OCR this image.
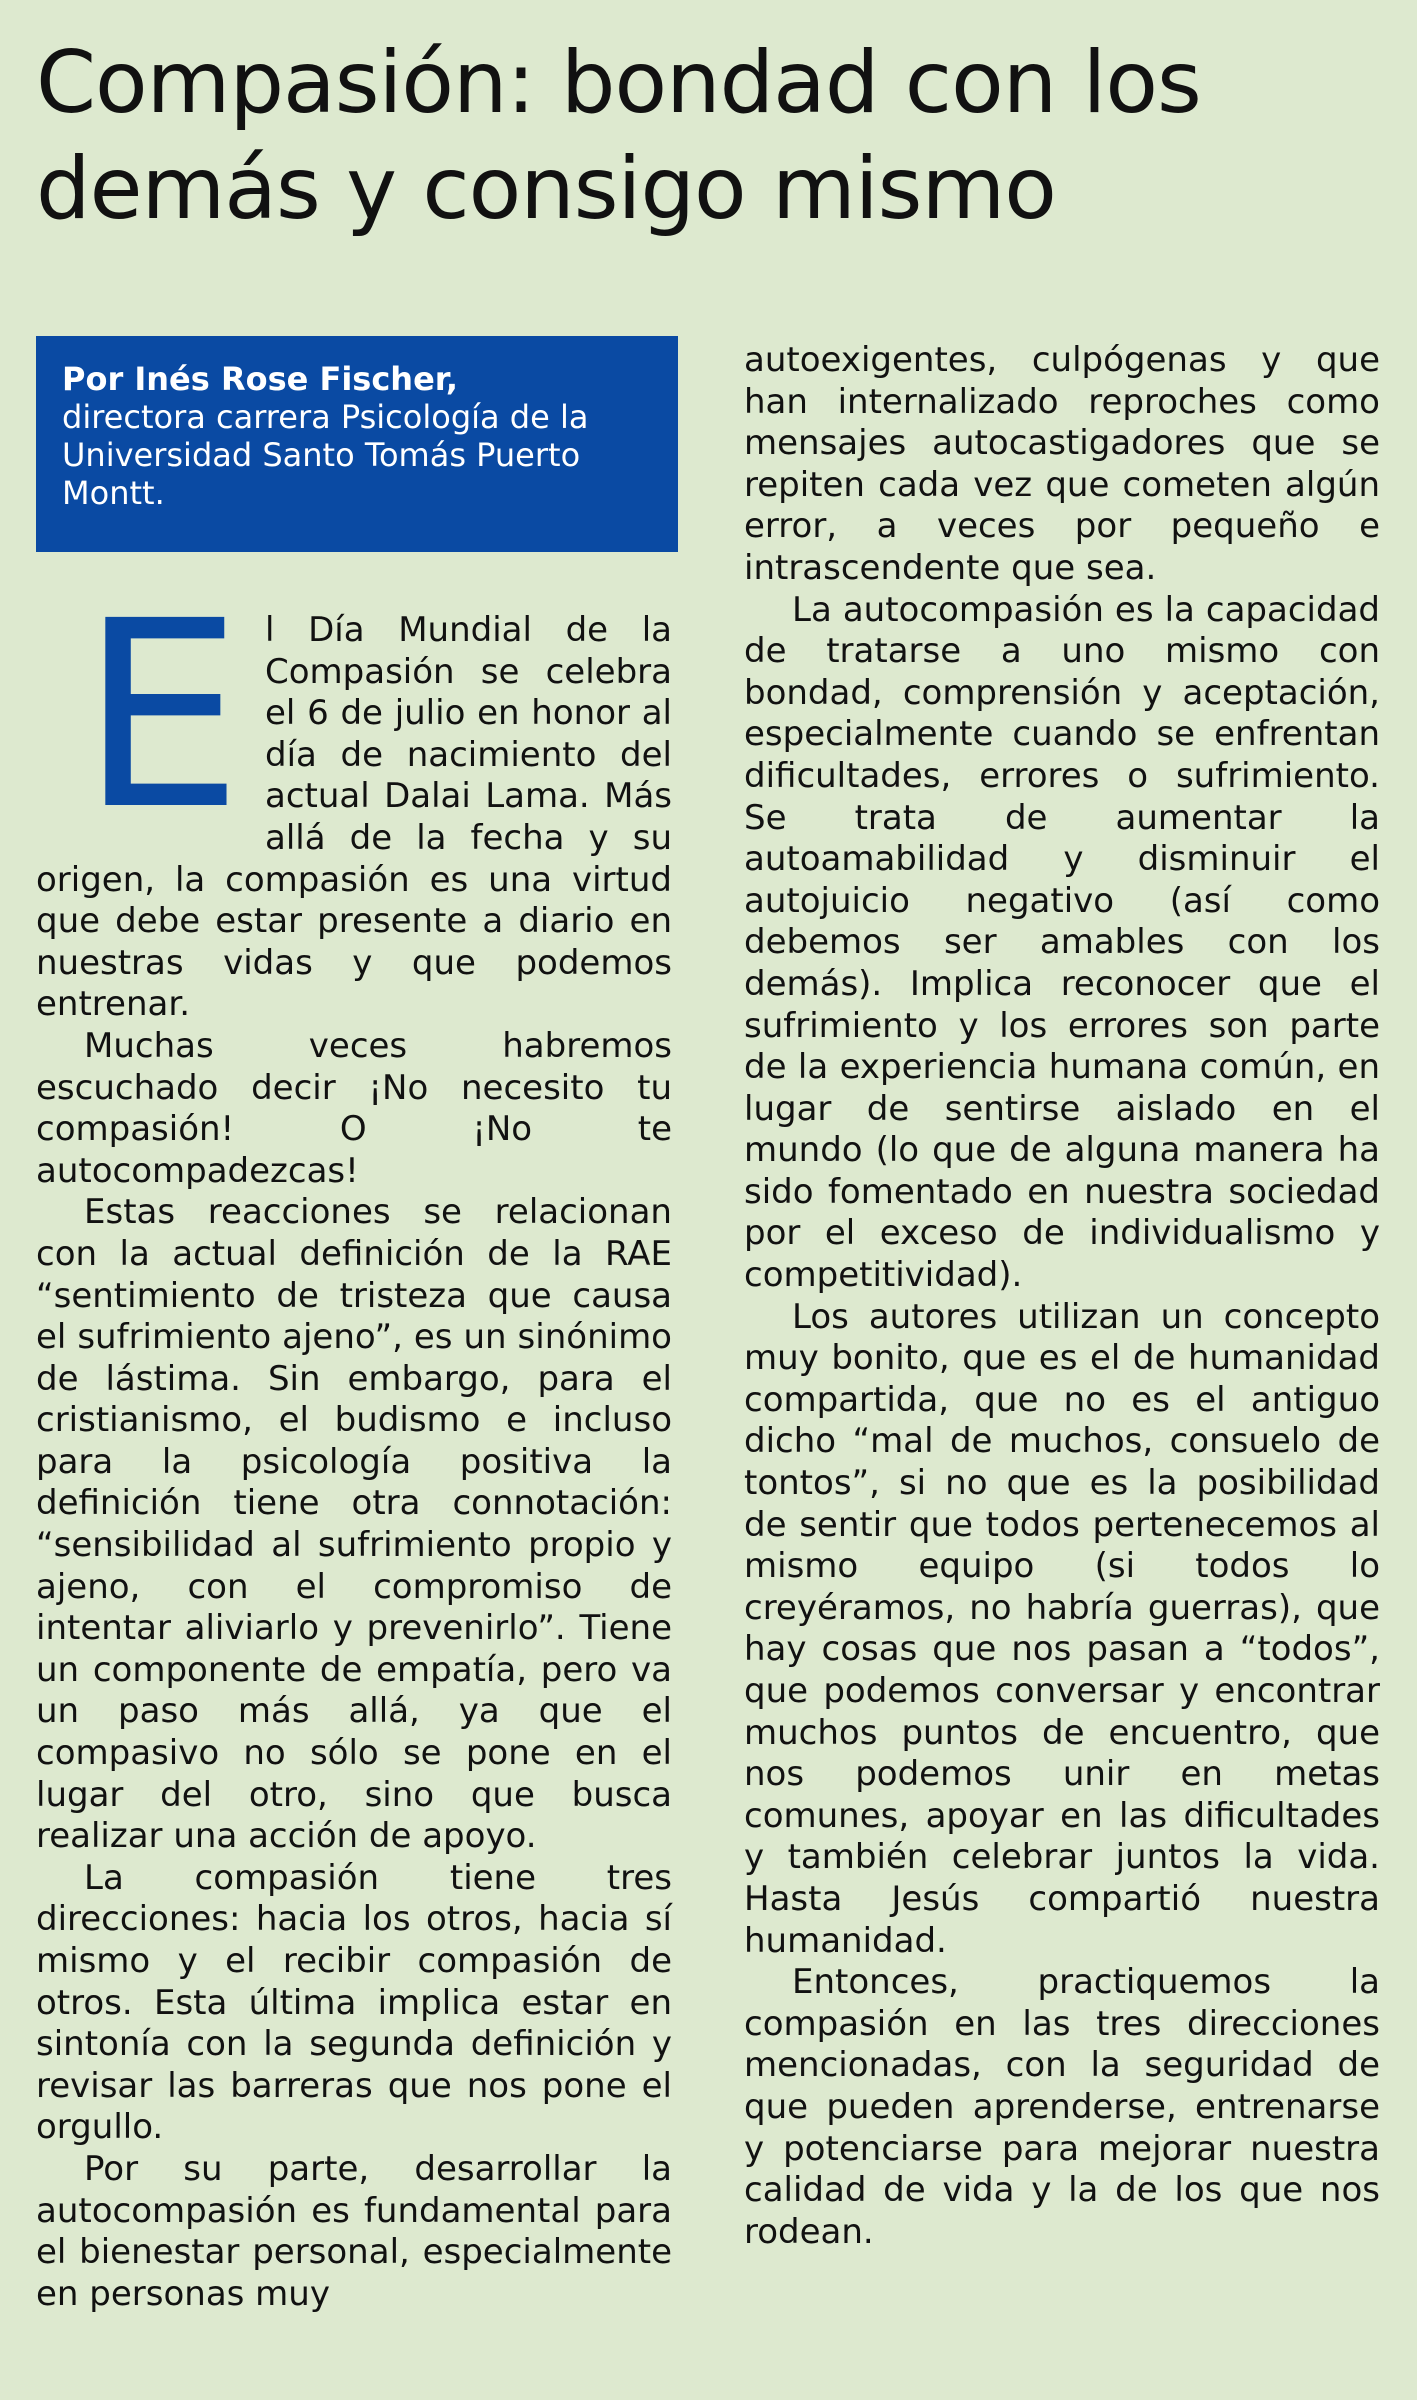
Compasión: bondad con los demás y consigo mismo
Por Inés Rose Fischer,
directora carrera Psicología de la Universidad Santo Tomás Puerto Montt.

El Día Mundial de la Compasión se celebra el 6 de julio en honor al día de nacimiento del actual Dalai Lama. Más allá de la fecha y su origen, la compasión es una virtud que debe estar presente a diario en nuestras vidas y que podemos entrenar.

Muchas veces habremos escuchado decir ¡No necesito tu compasión! O ¡No te autocompadezcas!

Estas reacciones se relacionan con la actual definición de la RAE “sentimiento de tristeza que causa el sufrimiento ajeno”, es un sinónimo de lástima. Sin embargo, para el cristianismo, el budismo e incluso para la psicología positiva la definición tiene otra connotación: “sensibilidad al sufrimiento propio y ajeno, con el compromiso de intentar aliviarlo y prevenirlo”. Tiene un componente de empatía, pero va un paso más allá, ya que el compasivo no sólo se pone en el lugar del otro, sino que busca realizar una acción de apoyo.

La compasión tiene tres direcciones: hacia los otros, hacia sí mismo y el recibir compasión de otros. Esta última implica estar en sintonía con la segunda definición y revisar las barreras que nos pone el orgullo.

Por su parte, desarrollar la autocompasión es fundamental para el bienestar personal, especialmente en personas muy

autoexigentes, culpógenas y que han internalizado reproches como mensajes autocastigadores que se repiten cada vez que cometen algún error, a veces por pequeño e intrascendente que sea.

La autocompasión es la capacidad de tratarse a uno mismo con bondad, comprensión y aceptación, especialmente cuando se enfrentan dificultades, errores o sufrimiento. Se trata de aumentar la autoamabilidad y disminuir el autojuicio negativo (así como debemos ser amables con los demás). Implica reconocer que el sufrimiento y los errores son parte de la experiencia humana común, en lugar de sentirse aislado en el mundo (lo que de alguna manera ha sido fomentado en nuestra sociedad por el exceso de individualismo y competitividad).

Los autores utilizan un concepto muy bonito, que es el de humanidad compartida, que no es el antiguo dicho “mal de muchos, consuelo de tontos”, si no que es la posibilidad de sentir que todos pertenecemos al mismo equipo (si todos lo creyéramos, no habría guerras), que hay cosas que nos pasan a “todos”, que podemos conversar y encontrar muchos puntos de encuentro, que nos podemos unir en metas comunes, apoyar en las dificultades y también celebrar juntos la vida. Hasta Jesús compartió nuestra humanidad.

Entonces, practiquemos la compasión en las tres direcciones mencionadas, con la seguridad de que pueden aprenderse, entrenarse y potenciarse para mejorar nuestra calidad de vida y la de los que nos rodean.
